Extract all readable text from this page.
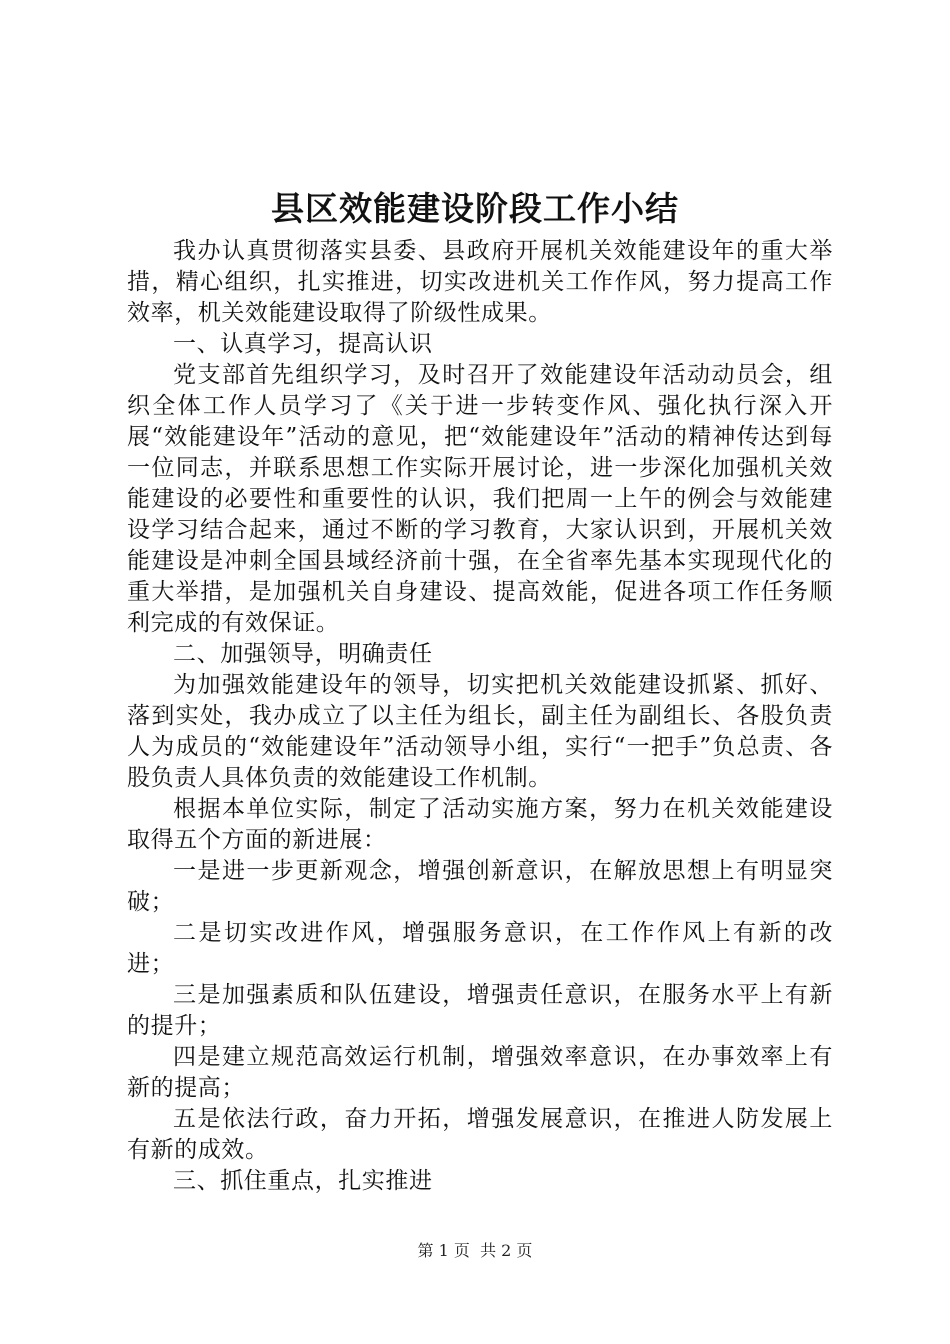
县区效能建设阶段工作小结

我办认真贯彻落实县委、县政府开展机关效能建设年的重大举措，精心组织，扎实推进，切实改进机关工作作风，努力提高工作效率，机关效能建设取得了阶级性成果。

一、认真学习，提高认识

党支部首先组织学习，及时召开了效能建设年活动动员会，组织全体工作人员学习了《关于进一步转变作风、强化执行深入开展“效能建设年”活动的意见，把“效能建设年”活动的精神传达到每一位同志，并联系思想工作实际开展讨论，进一步深化加强机关效能建设的必要性和重要性的认识，我们把周一上午的例会与效能建设学习结合起来，通过不断的学习教育，大家认识到，开展机关效能建设是冲刺全国县域经济前十强，在全省率先基本实现现代化的重大举措，是加强机关自身建设、提高效能，促进各项工作任务顺利完成的有效保证。

二、加强领导，明确责任

为加强效能建设年的领导，切实把机关效能建设抓紧、抓好、落到实处，我办成立了以主任为组长，副主任为副组长、各股负责人为成员的“效能建设年”活动领导小组，实行“一把手”负总责、各股负责人具体负责的效能建设工作机制。

根据本单位实际，制定了活动实施方案，努力在机关效能建设取得五个方面的新进展：

一是进一步更新观念，增强创新意识，在解放思想上有明显突破；

二是切实改进作风，增强服务意识，在工作作风上有新的改进；

三是加强素质和队伍建设，增强责任意识，在服务水平上有新的提升；

四是建立规范高效运行机制，增强效率意识，在办事效率上有新的提高；

五是依法行政，奋力开拓，增强发展意识，在推进人防发展上有新的成效。

三、抓住重点，扎实推进

第 1 页  共 2 页
